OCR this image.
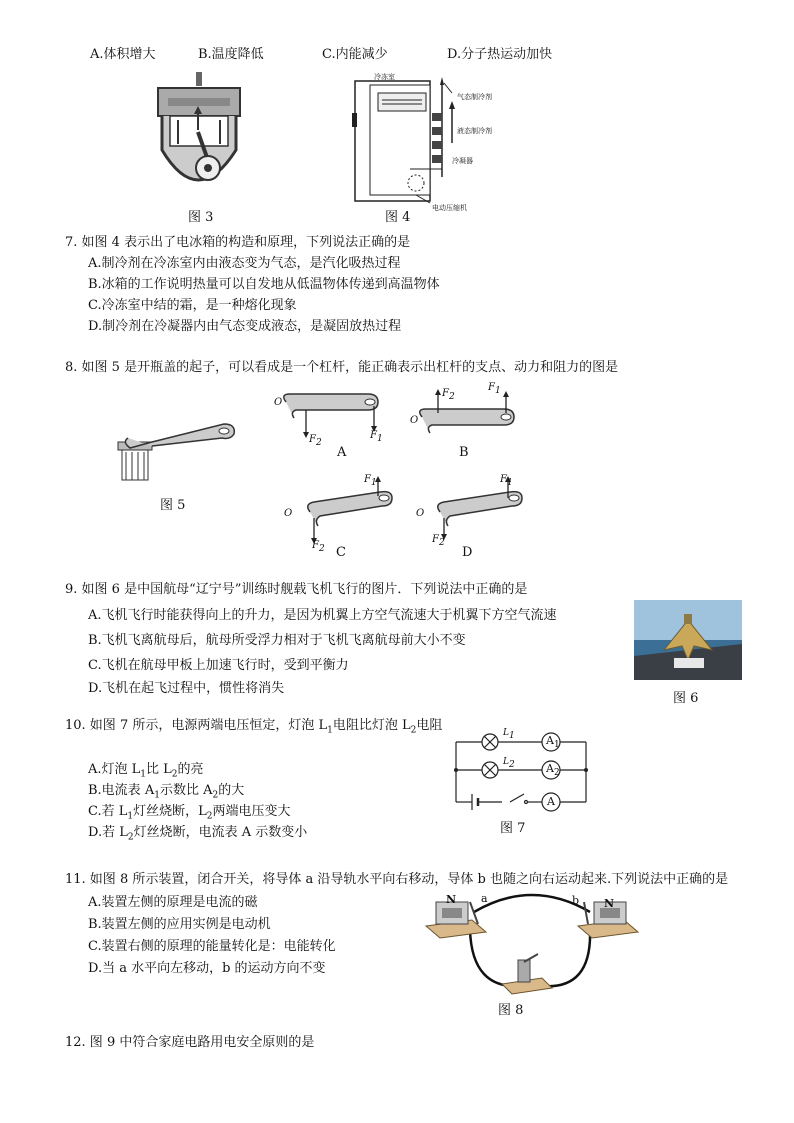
A.体积增大	B.温度降低	C.内能减少	D.分子热运动加快
图 3
冷冻室
气态制冷剂
液态制冷剂
冷凝器
电动压缩机
图 4
7. 如图 4 表示出了电冰箱的构造和原理，下列说法正确的是
A.制冷剂在冷冻室内由液态变为气态，是汽化吸热过程
B.冰箱的工作说明热量可以自发地从低温物体传递到高温物体
C.冷冻室中结的霜，是一种熔化现象
D.制冷剂在冷凝器内由气态变成液态，是凝固放热过程
8. 如图 5 是开瓶盖的起子，可以看成是一个杠杆，能正确表示出杠杆的支点、动力和阻力的图是
图 5
O
$F_2$
$F_1$
A
O
$F_2$
$F_1$
B
O
$F_2$
$F_1$
C
O
$F_2$
$F_1$
D
9. 如图 6 是中国航母“辽宁号”训练时舰载飞机飞行的图片．下列说法中正确的是
A.飞机飞行时能获得向上的升力，是因为机翼上方空气流速大于机翼下方空气流速
B.飞机飞离航母后，航母所受浮力相对于飞机飞离航母前大小不变
C.飞机在航母甲板上加速飞行时，受到平衡力
D.飞机在起飞过程中，惯性将消失
图 6
10. 如图 7 所示，电源两端电压恒定，灯泡 $L_1$电阻比灯泡 $L_2$电阻
A.灯泡 $L_1$比 $L_2$的亮
B.电流表 $A_1$示数比 $A_2$的大
C.若 $L_1$灯丝烧断，$L_2$两端电压变大
D.若 $L_2$灯丝烧断，电流表 A 示数变小
$L_1$
$L_2$
$A_1$
$A_2$
A
图 7
11. 如图 8 所示装置，闭合开关，将导体 a 沿导轨水平向右移动，导体 b 也随之向右运动起来.下列说法中正确的是
A.装置左侧的原理是电流的磁
B.装置左侧的应用实例是电动机
C.装置右侧的原理的能量转化是：电能转化
D.当 a 水平向左移动，b 的运动方向不变
N a	b N
图 8
12. 图 9 中符合家庭电路用电安全原则的是
